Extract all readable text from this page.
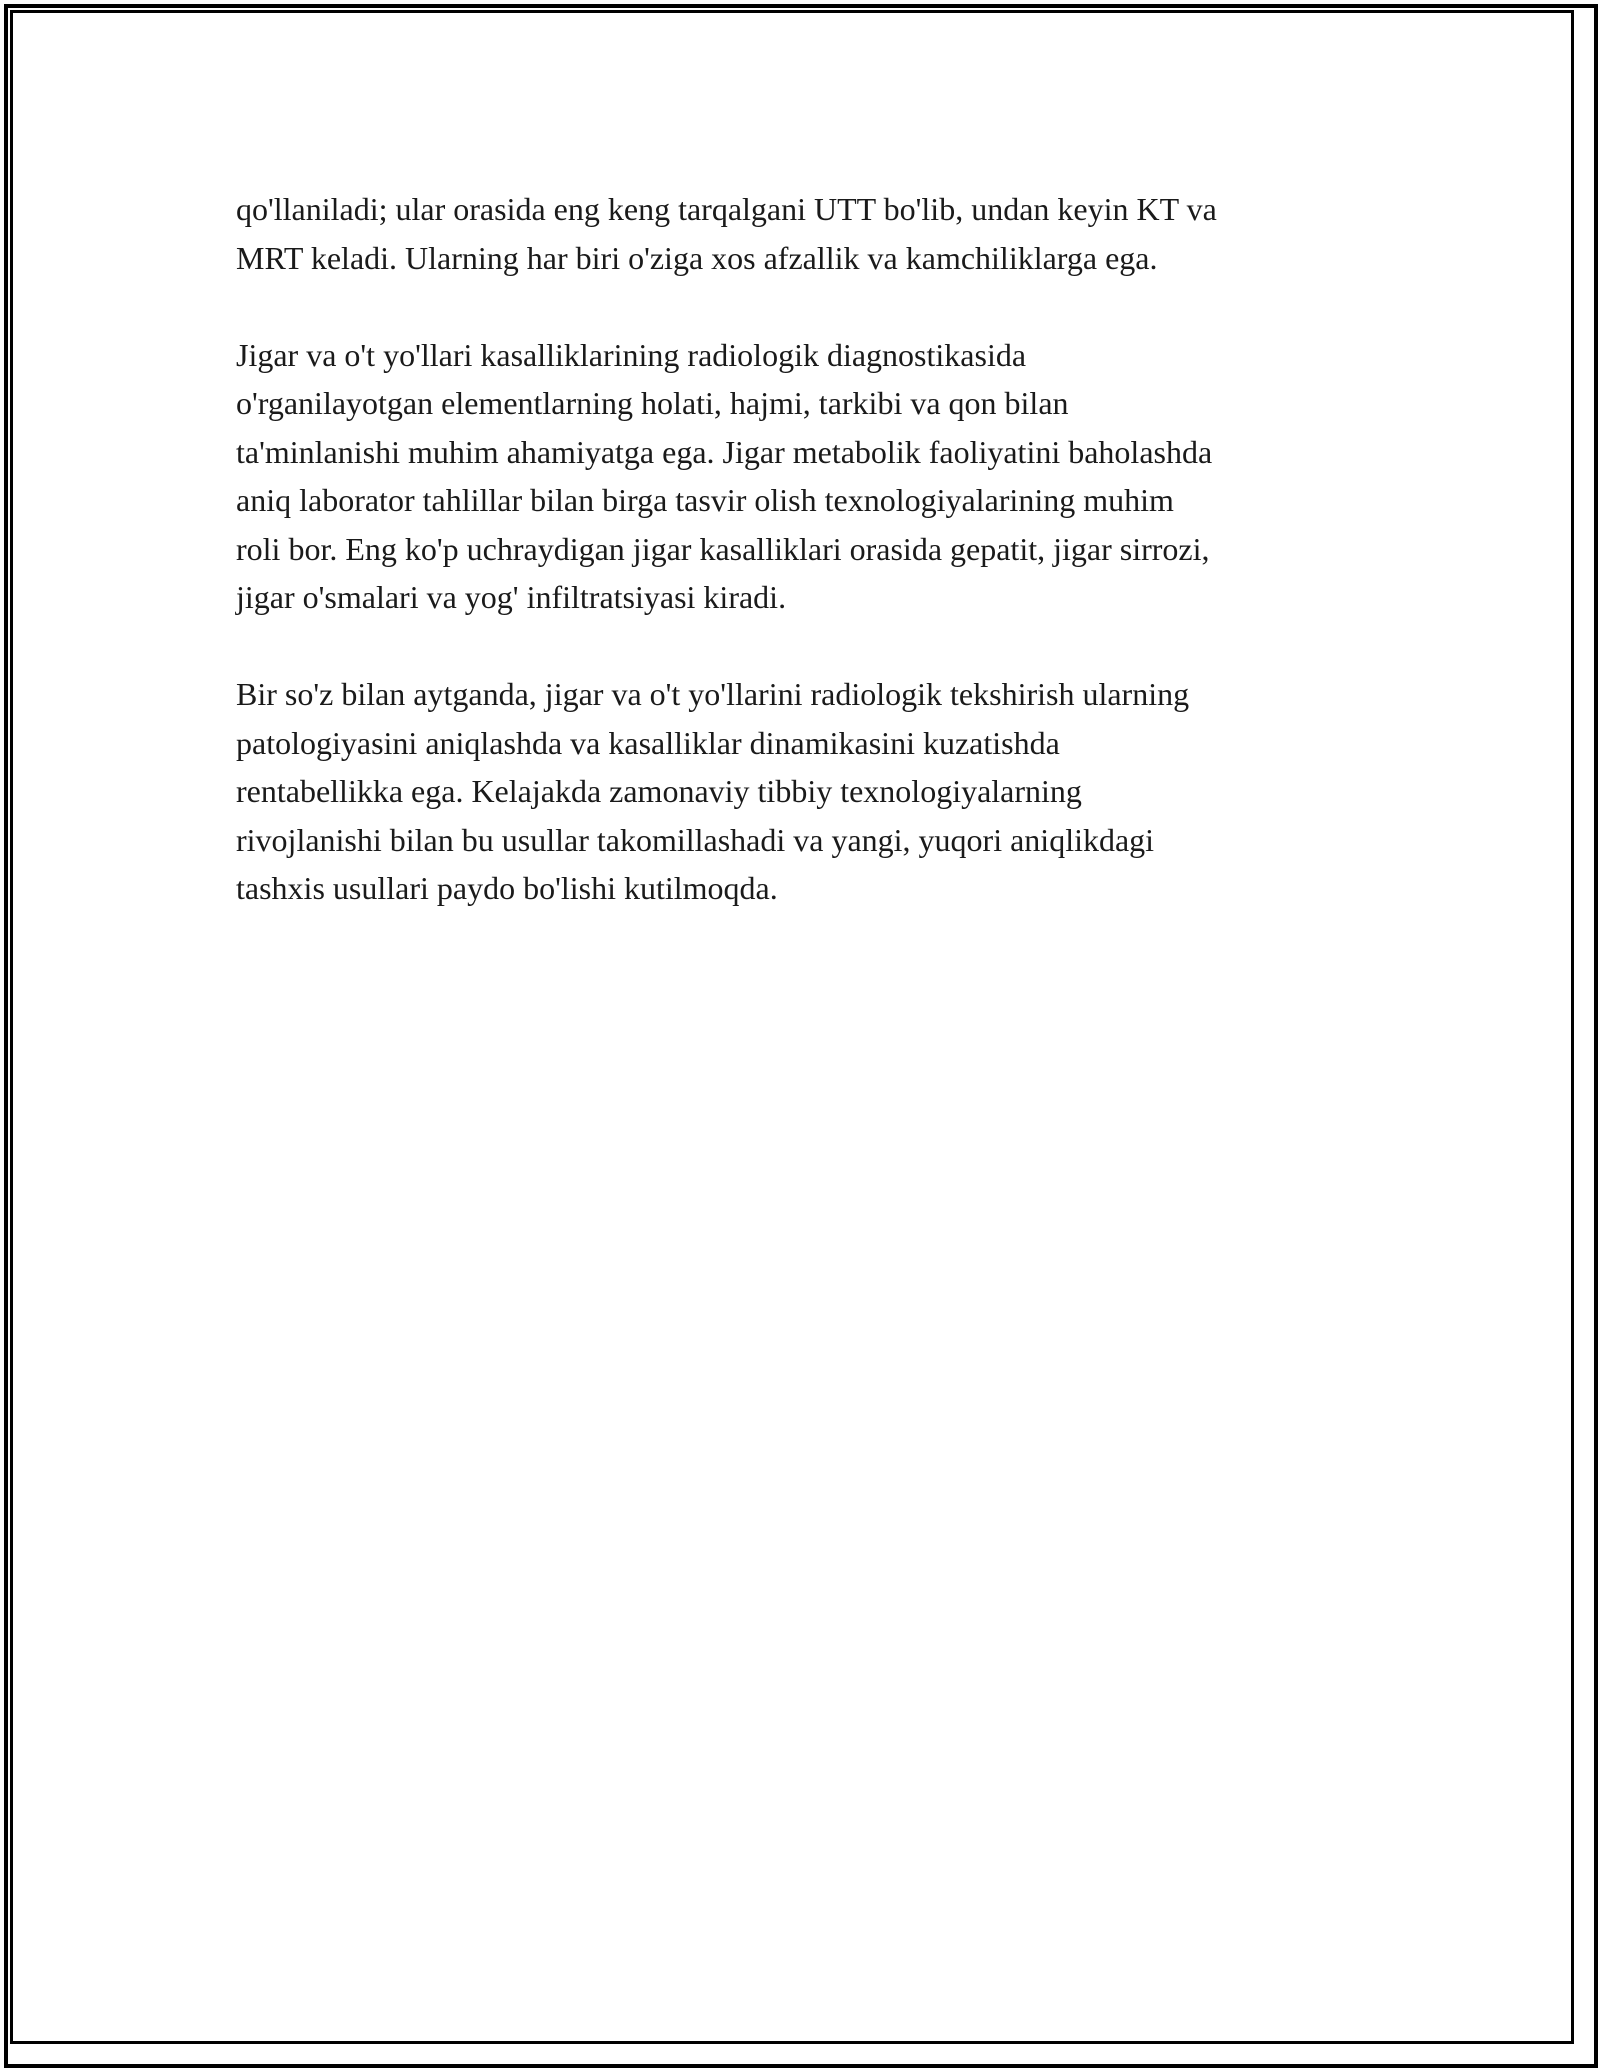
qo'llaniladi; ular orasida eng keng tarqalgani UTT bo'lib, undan keyin KT va
MRT keladi. Ularning har biri o'ziga xos afzallik va kamchiliklarga ega.

Jigar va o't yo'llari kasalliklarining radiologik diagnostikasida
o'rganilayotgan elementlarning holati, hajmi, tarkibi va qon bilan
ta'minlanishi muhim ahamiyatga ega. Jigar metabolik faoliyatini baholashda
aniq laborator tahlillar bilan birga tasvir olish texnologiyalarining muhim
roli bor. Eng ko'p uchraydigan jigar kasalliklari orasida gepatit, jigar sirrozi,
jigar o'smalari va yog' infiltratsiyasi kiradi.

Bir so'z bilan aytganda, jigar va o't yo'llarini radiologik tekshirish ularning
patologiyasini aniqlashda va kasalliklar dinamikasini kuzatishda
rentabellikka ega. Kelajakda zamonaviy tibbiy texnologiyalarning
rivojlanishi bilan bu usullar takomillashadi va yangi, yuqori aniqlikdagi
tashxis usullari paydo bo'lishi kutilmoqda.
